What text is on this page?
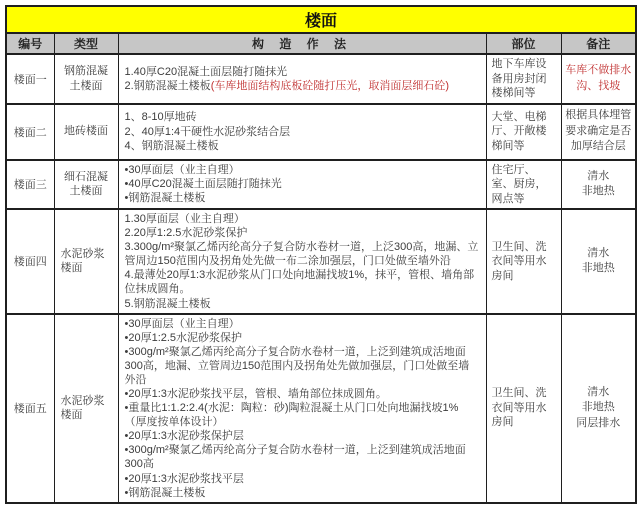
楼面				
编号	类型	构 造 作 法	部位	备注
楼面一	钢筋混凝土楼面	1.40厚C20混凝土面层随打随抹光
2.钢筋混凝土楼板(车库地面结构底板砼随打压光，取消面层细石砼)	地下车库设备用房封闭楼梯间等	车库不做排水沟、找坡

楼面二	地砖楼面	1、8-10厚地砖
2、40厚1:4干硬性水泥砂浆结合层
4、钢筋混凝土楼板	大堂、电梯厅、开敞楼梯间等	根据具体埋管要求确定是否加厚结合层

楼面三	细石混凝土楼面	
•30厚面层（业主自理）
•40厚C20混凝土面层随打随抹光
•钢筋混凝土楼板
	住宅厅、室、厨房，网点等	
清水
非地热

楼面四	水泥砂浆楼面	
1.30厚面层（业主自理）
2.20厚1:2.5水泥砂浆保护
3.300g/m²聚氯乙烯丙纶高分子复合防水卷材一道，上泛300高，地漏、立管周边150范围内及拐角处先做一布二涂加强层，门口处做至墙外沿
4.最薄处20厚1:3水泥砂浆从门口处向地漏找坡1%，抹平，管根、墙角部位抹成圆角。
5.钢筋混凝土楼板
	卫生间、洗衣间等用水房间	
清水
非地热

楼面五	水泥砂浆楼面	
•30厚面层（业主自理）
•20厚1:2.5水泥砂浆保护
•300g/m²聚氯乙烯丙纶高分子复合防水卷材一道，上泛到建筑成活地面300高，地漏、立管周边150范围内及拐角处先做加强层，门口处做至墙外沿
•20厚1:3水泥砂浆找平层，管根、墙角部位抹成圆角。
•重量比1:1.2:2.4(水泥：陶粒：砂)陶粒混凝土从门口处向地漏找坡1%（厚度按单体设计）
•20厚1:3水泥砂浆保护层
•300g/m²聚氯乙烯丙纶高分子复合防水卷材一道，上泛到建筑成活地面300高
•20厚1:3水泥砂浆找平层
•钢筋混凝土楼板
	卫生间、洗衣间等用水房间	
清水
非地热
同层排水
